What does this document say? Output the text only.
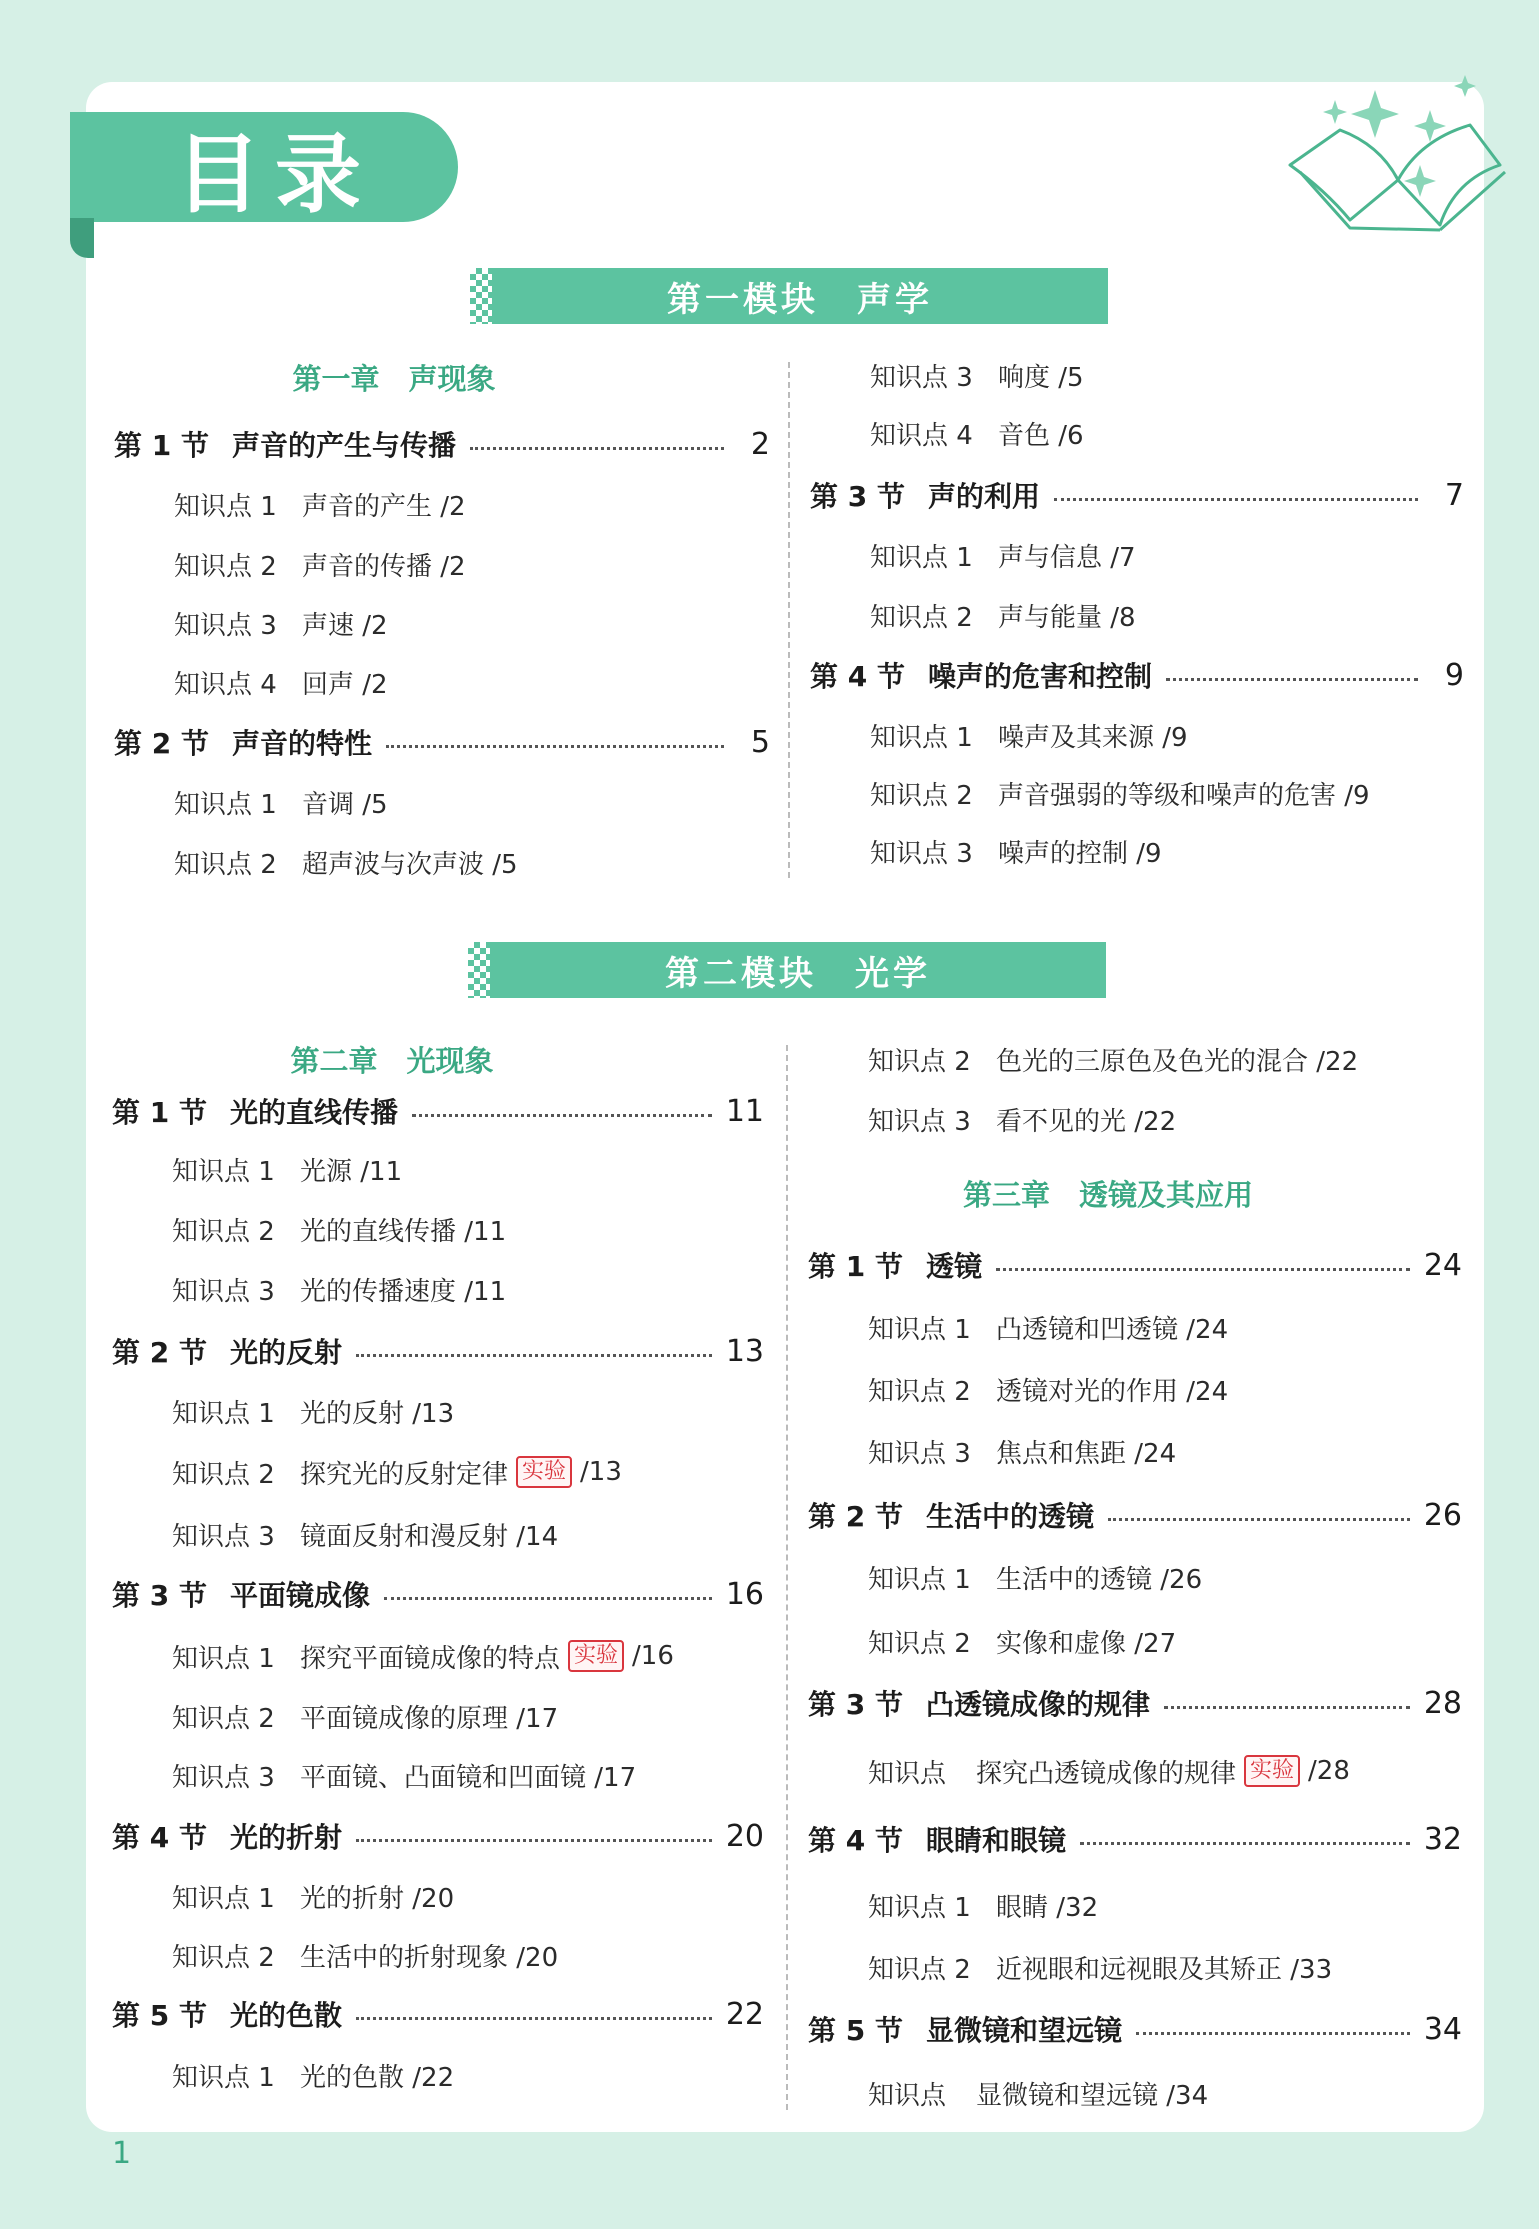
目录
第一模块　声学
第一章　声现象
第 1 节 声音的产生与传播	2
知识点 1 声音的产生 /2
知识点 2 声音的传播 /2
知识点 3 声速 /2
知识点 4 回声 /2
第 2 节 声音的特性	5
知识点 1 音调 /5
知识点 2 超声波与次声波 /5
知识点 3 响度 /5
知识点 4 音色 /6
第 3 节 声的利用	7
知识点 1 声与信息 /7
知识点 2 声与能量 /8
第 4 节 噪声的危害和控制	9
知识点 1 噪声及其来源 /9
知识点 2 声音强弱的等级和噪声的危害 /9
知识点 3 噪声的控制 /9
第二模块　光学
第二章　光现象
第 1 节 光的直线传播	11
知识点 1 光源 /11
知识点 2 光的直线传播 /11
知识点 3 光的传播速度 /11
第 2 节 光的反射	13
知识点 1 光的反射 /13
知识点 2 探究光的反射定律 实验 /13
知识点 3 镜面反射和漫反射 /14
第 3 节 平面镜成像	16
知识点 1 探究平面镜成像的特点 实验 /16
知识点 2 平面镜成像的原理 /17
知识点 3 平面镜、凸面镜和凹面镜 /17
第 4 节 光的折射	20
知识点 1 光的折射 /20
知识点 2 生活中的折射现象 /20
第 5 节 光的色散	22
知识点 1 光的色散 /22
知识点 2 色光的三原色及色光的混合 /22
知识点 3 看不见的光 /22
第三章　透镜及其应用
第 1 节 透镜	24
知识点 1 凸透镜和凹透镜 /24
知识点 2 透镜对光的作用 /24
知识点 3 焦点和焦距 /24
第 2 节 生活中的透镜	26
知识点 1 生活中的透镜 /26
知识点 2 实像和虚像 /27
第 3 节 凸透镜成像的规律	28
知识点	探究凸透镜成像的规律 实验 /28
第 4 节 眼睛和眼镜	32
知识点 1 眼睛 /32
知识点 2 近视眼和远视眼及其矫正 /33
第 5 节 显微镜和望远镜	34
知识点	显微镜和望远镜 /34
1
